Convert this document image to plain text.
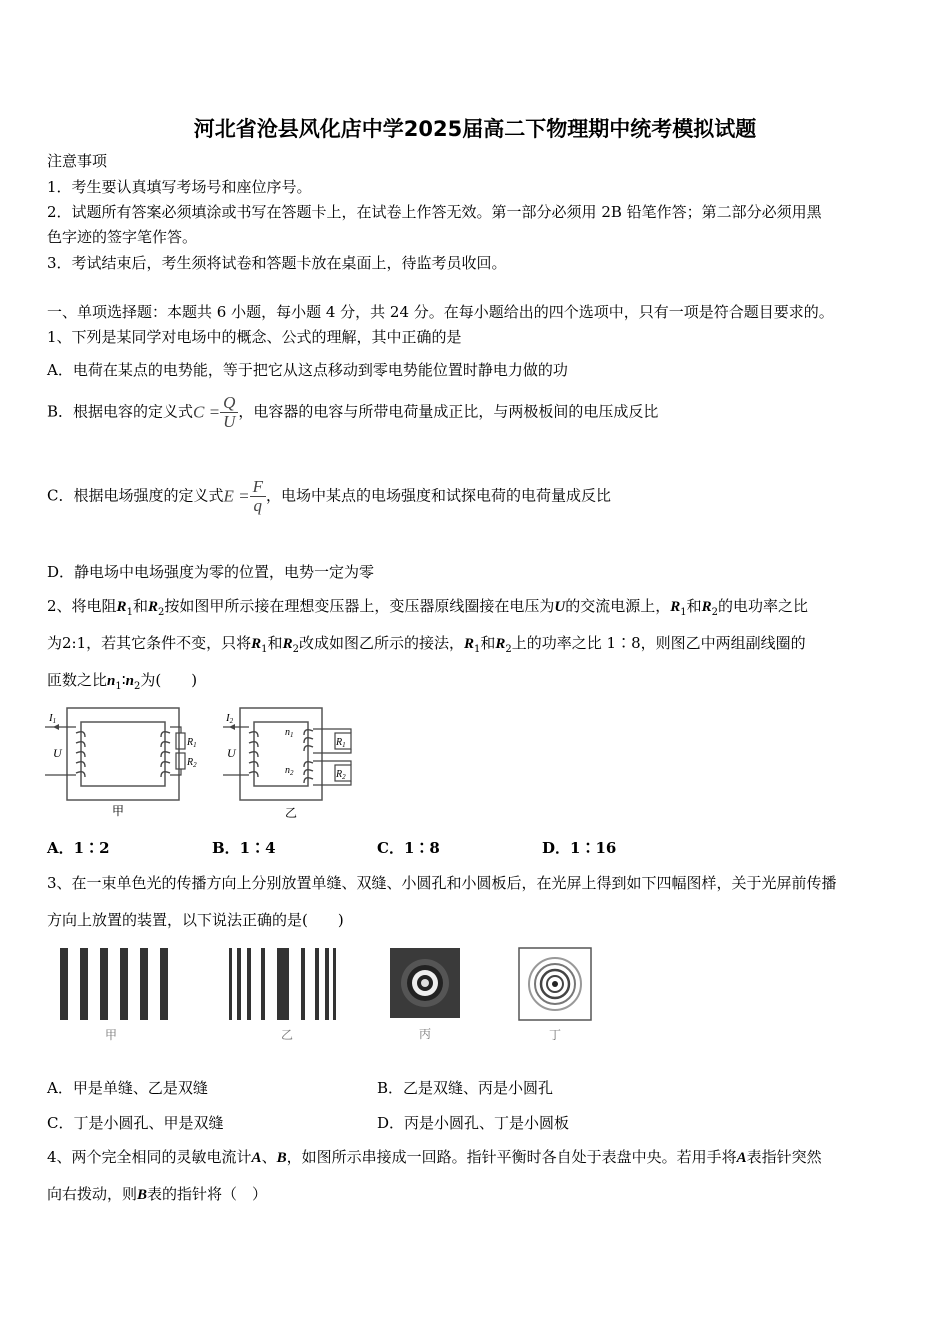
河北省沧县风化店中学2025届高二下物理期中统考模拟试题
注意事项
1．考生要认真填写考场号和座位序号。
2．试题所有答案必须填涂或书写在答题卡上，在试卷上作答无效。第一部分必须用 2B 铅笔作答；第二部分必须用黑
色字迹的签字笔作答。
3．考试结束后，考生须将试卷和答题卡放在桌面上，待监考员收回。
一、单项选择题：本题共 6 小题，每小题 4 分，共 24 分。在每小题给出的四个选项中，只有一项是符合题目要求的。
1、下列是某同学对电场中的概念、公式的理解，其中正确的是
A．电荷在某点的电势能，等于把它从这点移动到零电势能位置时静电力做的功
B．根据电容的定义式$C = \frac{Q}{U}$ ，电容器的电容与所带电荷量成正比，与两极板间的电压成反比
C．根据电场强度的定义式$E = \frac{F}{q}$ ，电场中某点的电场强度和试探电荷的电荷量成反比
D．静电场中电场强度为零的位置，电势一定为零
2、将电阻$R_1$和$R_2$按如图甲所示接在理想变压器上，变压器原线圈接在电压为U的交流电源上，$R_1$和$R_2$的电功率之比
为2:1，若其它条件不变，只将$R_1$和$R_2$改成如图乙所示的接法，$R_1$和$R_2$上的功率之比 1∶8，则图乙中两组副线圈的
匝数之比$n_1∶n_2$为(　　)
I1
U
$R_1$
$R_2$
甲
I2
U
$n_1$
$n_2$
$R_1$
$R_2$
乙
A．1∶2	B．1∶4	C．1∶8	D．1∶16
3、在一束单色光的传播方向上分别放置单缝、双缝、小圆孔和小圆板后，在光屏上得到如下四幅图样，关于光屏前传播
方向上放置的装置，以下说法正确的是(　　)
甲	乙	丙	丁
A．甲是单缝、乙是双缝	B．乙是双缝、丙是小圆孔
C．丁是小圆孔、甲是双缝	D．丙是小圆孔、丁是小圆板
4、两个完全相同的灵敏电流计A、B，如图所示串接成一回路。指针平衡时各自处于表盘中央。若用手将A表指针突然
向右拨动，则B表的指针将（　）
